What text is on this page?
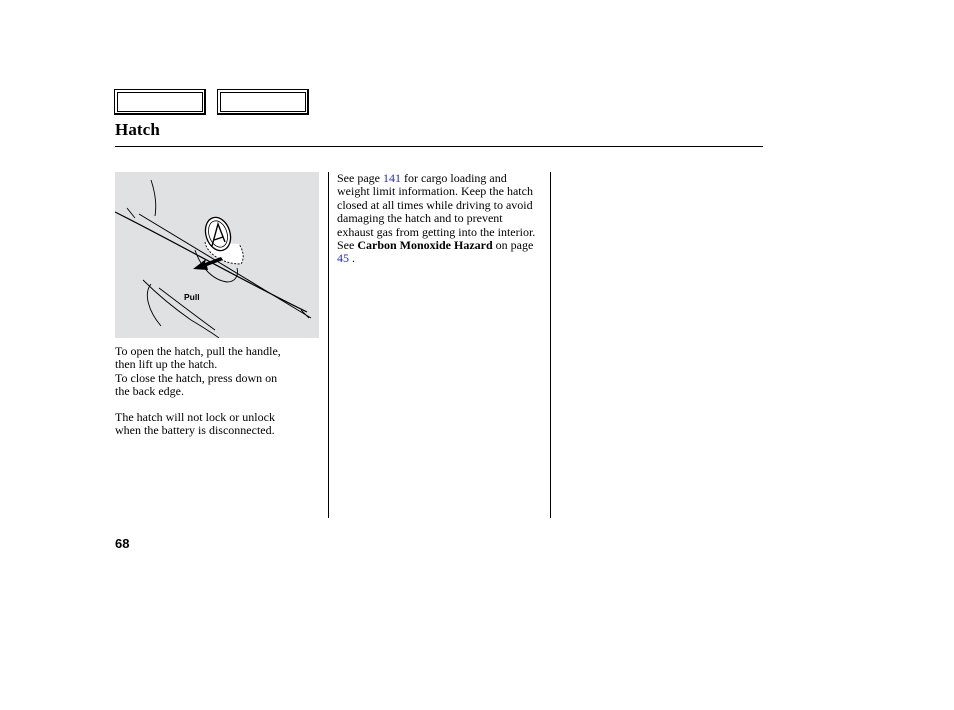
Hatch
Pull

To open the hatch, pull the handle,

then lift up the hatch.

To close the hatch, press down on

the back edge.

The hatch will not lock or unlock

when the battery is disconnected.

See page 141 for cargo loading and weight limit information. Keep the hatch closed at all times while driving to avoid damaging the hatch and to prevent exhaust gas from getting into the interior. See Carbon Monoxide Hazard on page 45 .
68
